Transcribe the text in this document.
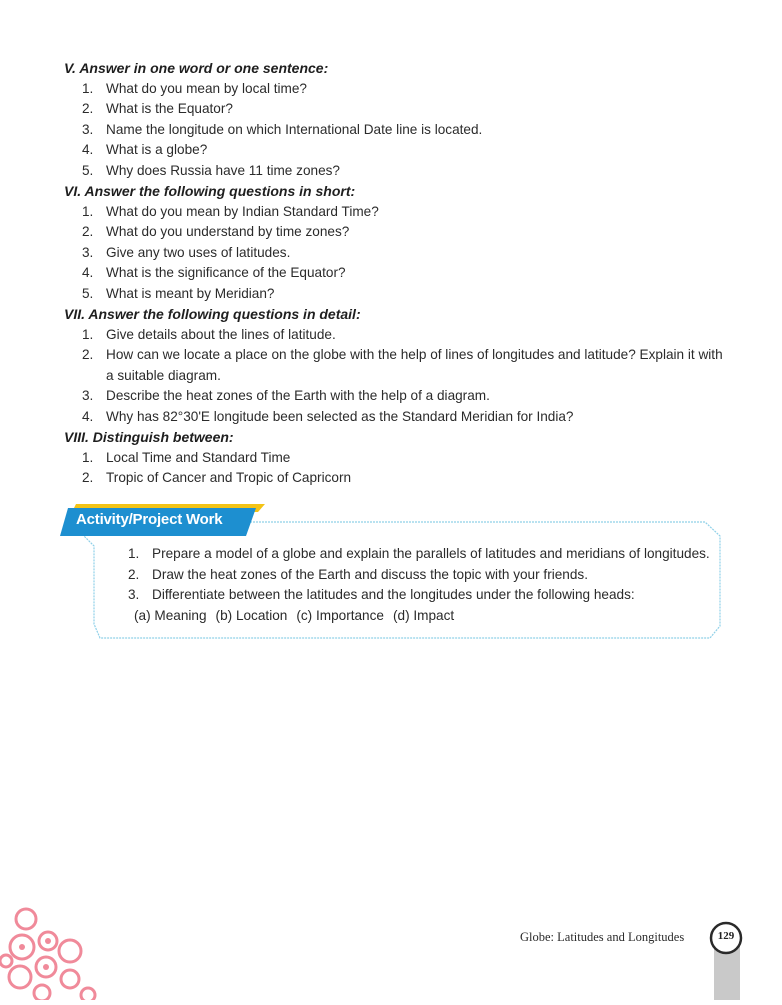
V. Answer in one word or one sentence:

1. What do you mean by local time?
2. What is the Equator?
3. Name the longitude on which International Date line is located.
4. What is a globe?
5. Why does Russia have 11 time zones?

VI. Answer the following questions in short:

1. What do you mean by Indian Standard Time?
2. What do you understand by time zones?
3. Give any two uses of latitudes.
4. What is the significance of the Equator?
5. What is meant by Meridian?

VII. Answer the following questions in detail:

1. Give details about the lines of latitude.
2. How can we locate a place on the globe with the help of lines of longitudes and latitude? Explain it with a suitable diagram.
3. Describe the heat zones of the Earth with the help of a diagram.
4. Why has 82°30'E longitude been selected as the Standard Meridian for India?

VIII. Distinguish between:

1. Local Time and Standard Time
2. Tropic of Cancer and Tropic of Capricorn
Activity/Project Work
1. Prepare a model of a globe and explain the parallels of latitudes and meridians of longitudes.
2. Draw the heat zones of the Earth and discuss the topic with your friends.
3. Differentiate between the latitudes and the longitudes under the following heads:
(a) Meaning (b) Location (c) Importance (d) Impact
Globe: Latitudes and Longitudes	129
